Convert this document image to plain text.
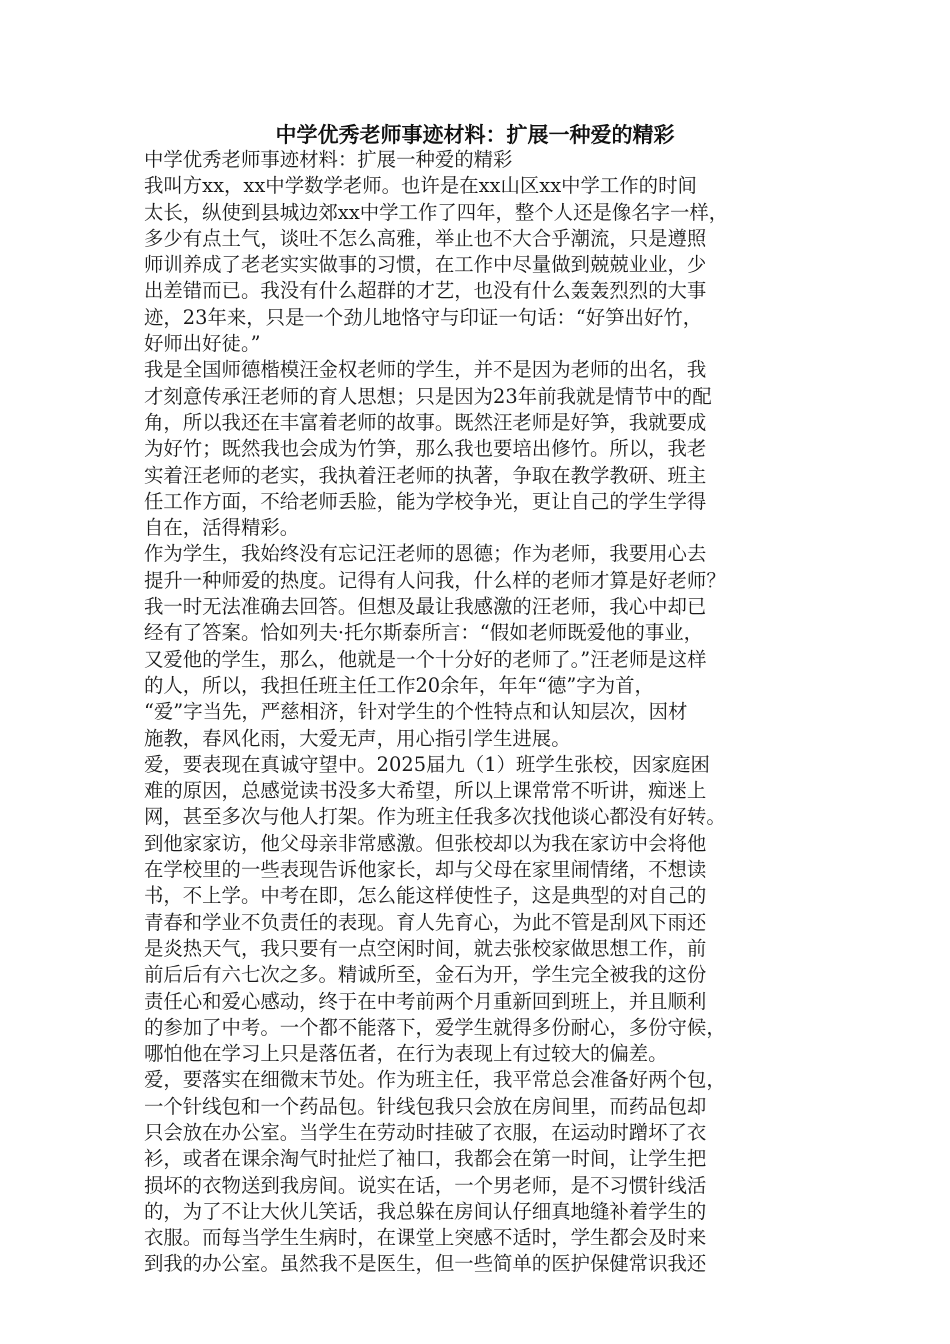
中学优秀老师事迹材料：扩展一种爱的精彩
中学优秀老师事迹材料：扩展一种爱的精彩
我叫方xx，xx中学数学老师。也许是在xx山区xx中学工作的时间
太长，纵使到县城边郊xx中学工作了四年，整个人还是像名字一样，
多少有点土气，谈吐不怎么高雅，举止也不大合乎潮流，只是遵照
师训养成了老老实实做事的习惯，在工作中尽量做到兢兢业业，少
出差错而已。我没有什么超群的才艺，也没有什么轰轰烈烈的大事
迹，23年来，只是一个劲儿地恪守与印证一句话：“好笋出好竹，
好师出好徒。”
我是全国师德楷模汪金权老师的学生，并不是因为老师的出名，我
才刻意传承汪老师的育人思想；只是因为23年前我就是情节中的配
角，所以我还在丰富着老师的故事。既然汪老师是好笋，我就要成
为好竹；既然我也会成为竹笋，那么我也要培出修竹。所以，我老
实着汪老师的老实，我执着汪老师的执著，争取在教学教研、班主
任工作方面，不给老师丢脸，能为学校争光，更让自己的学生学得
自在，活得精彩。
作为学生，我始终没有忘记汪老师的恩德；作为老师，我要用心去
提升一种师爱的热度。记得有人问我，什么样的老师才算是好老师？
我一时无法准确去回答。但想及最让我感激的汪老师，我心中却已
经有了答案。恰如列夫·托尔斯泰所言：“假如老师既爱他的事业，
又爱他的学生，那么，他就是一个十分好的老师了。”汪老师是这样
的人，所以，我担任班主任工作20余年，年年“德”字为首，
“爱”字当先，严慈相济，针对学生的个性特点和认知层次，因材
施教，春风化雨，大爱无声，用心指引学生进展。
爱，要表现在真诚守望中。2025届九（1）班学生张校，因家庭困
难的原因，总感觉读书没多大希望，所以上课常常不听讲，痴迷上
网，甚至多次与他人打架。作为班主任我多次找他谈心都没有好转。
到他家家访，他父母亲非常感激。但张校却以为我在家访中会将他
在学校里的一些表现告诉他家长，却与父母在家里闹情绪，不想读
书，不上学。中考在即，怎么能这样使性子，这是典型的对自己的
青春和学业不负责任的表现。育人先育心，为此不管是刮风下雨还
是炎热天气，我只要有一点空闲时间，就去张校家做思想工作，前
前后后有六七次之多。精诚所至，金石为开，学生完全被我的这份
责任心和爱心感动，终于在中考前两个月重新回到班上，并且顺利
的参加了中考。一个都不能落下，爱学生就得多份耐心，多份守候，
哪怕他在学习上只是落伍者，在行为表现上有过较大的偏差。
爱，要落实在细微末节处。作为班主任，我平常总会准备好两个包，
一个针线包和一个药品包。针线包我只会放在房间里，而药品包却
只会放在办公室。当学生在劳动时挂破了衣服，在运动时蹭坏了衣
衫，或者在课余淘气时扯烂了袖口，我都会在第一时间，让学生把
损坏的衣物送到我房间。说实在话，一个男老师，是不习惯针线活
的，为了不让大伙儿笑话，我总躲在房间认仔细真地缝补着学生的
衣服。而每当学生生病时，在课堂上突感不适时，学生都会及时来
到我的办公室。虽然我不是医生，但一些简单的医护保健常识我还
